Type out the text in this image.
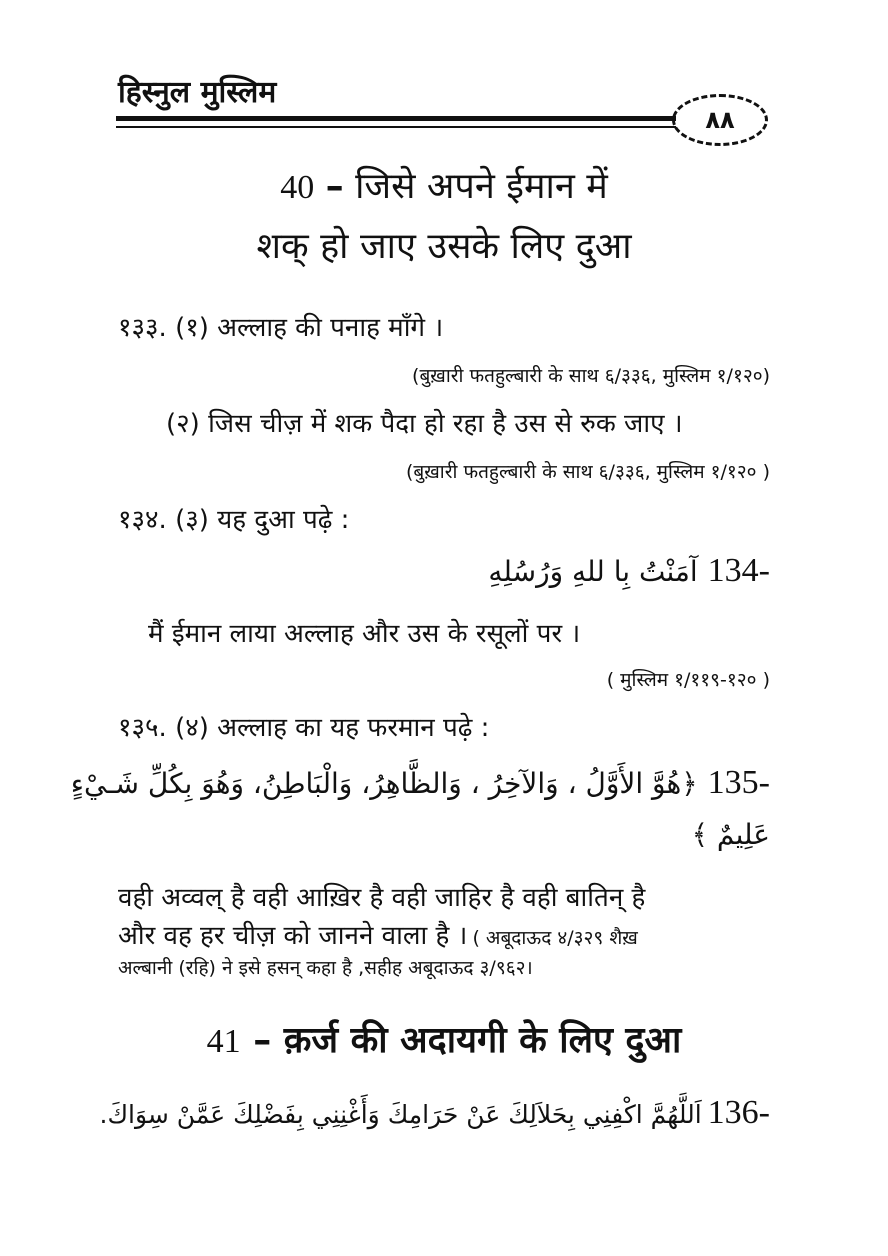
हिस्नुल मुस्लिम
٨٨
40 – जिसे अपने ईमान में
शक् हो जाए उसके लिए दुआ
१३३. (१) अल्लाह की पनाह माँगे ।
(बुख़ारी फतहुल्बारी के साथ ६/३३६, मुस्लिम १/१२०)
(२) जिस चीज़ में शक पैदा हो रहा है उस से रुक जाए ।
(बुख़ारी फतहुल्बारी के साथ ६/३३६, मुस्लिम १/१२० )
१३४. (३) यह दुआ पढ़े :
آمَنْتُ بِا للهِ وَرُسُلِهِ 134-
मैं ईमान लाया अल्लाह और उस के रसूलों पर ।
( मुस्लिम १/११९-१२० )
१३५. (४) अल्लाह का यह फरमान पढ़े :
﴿هُوَّ الأَوَّلُ ، وَالآخِرُ ، وَالظَّاهِرُ، وَالْبَاطِنُ، وَهُوَ بِكُلِّ شَـيْءٍ 135-
عَلِيمٌ ﴾
वही अव्वल् है वही आख़िर है वही जाहिर है वही बातिन् है
और वह हर चीज़ को जानने वाला है । ( अबूदाऊद ४/३२९ शैख़
अल्बानी (रहि) ने इसे हसन् कहा है ,सहीह अबूदाऊद ३/९६२।
41 – क़र्ज की अदायगी के लिए दुआ
اَللَّهُمَّ اكْفِنِي بِحَلاَلِكَ عَنْ حَرَامِكَ وَأَغْنِنِي بِفَضْلِكَ عَمَّنْ سِوَاكَ. 136-
